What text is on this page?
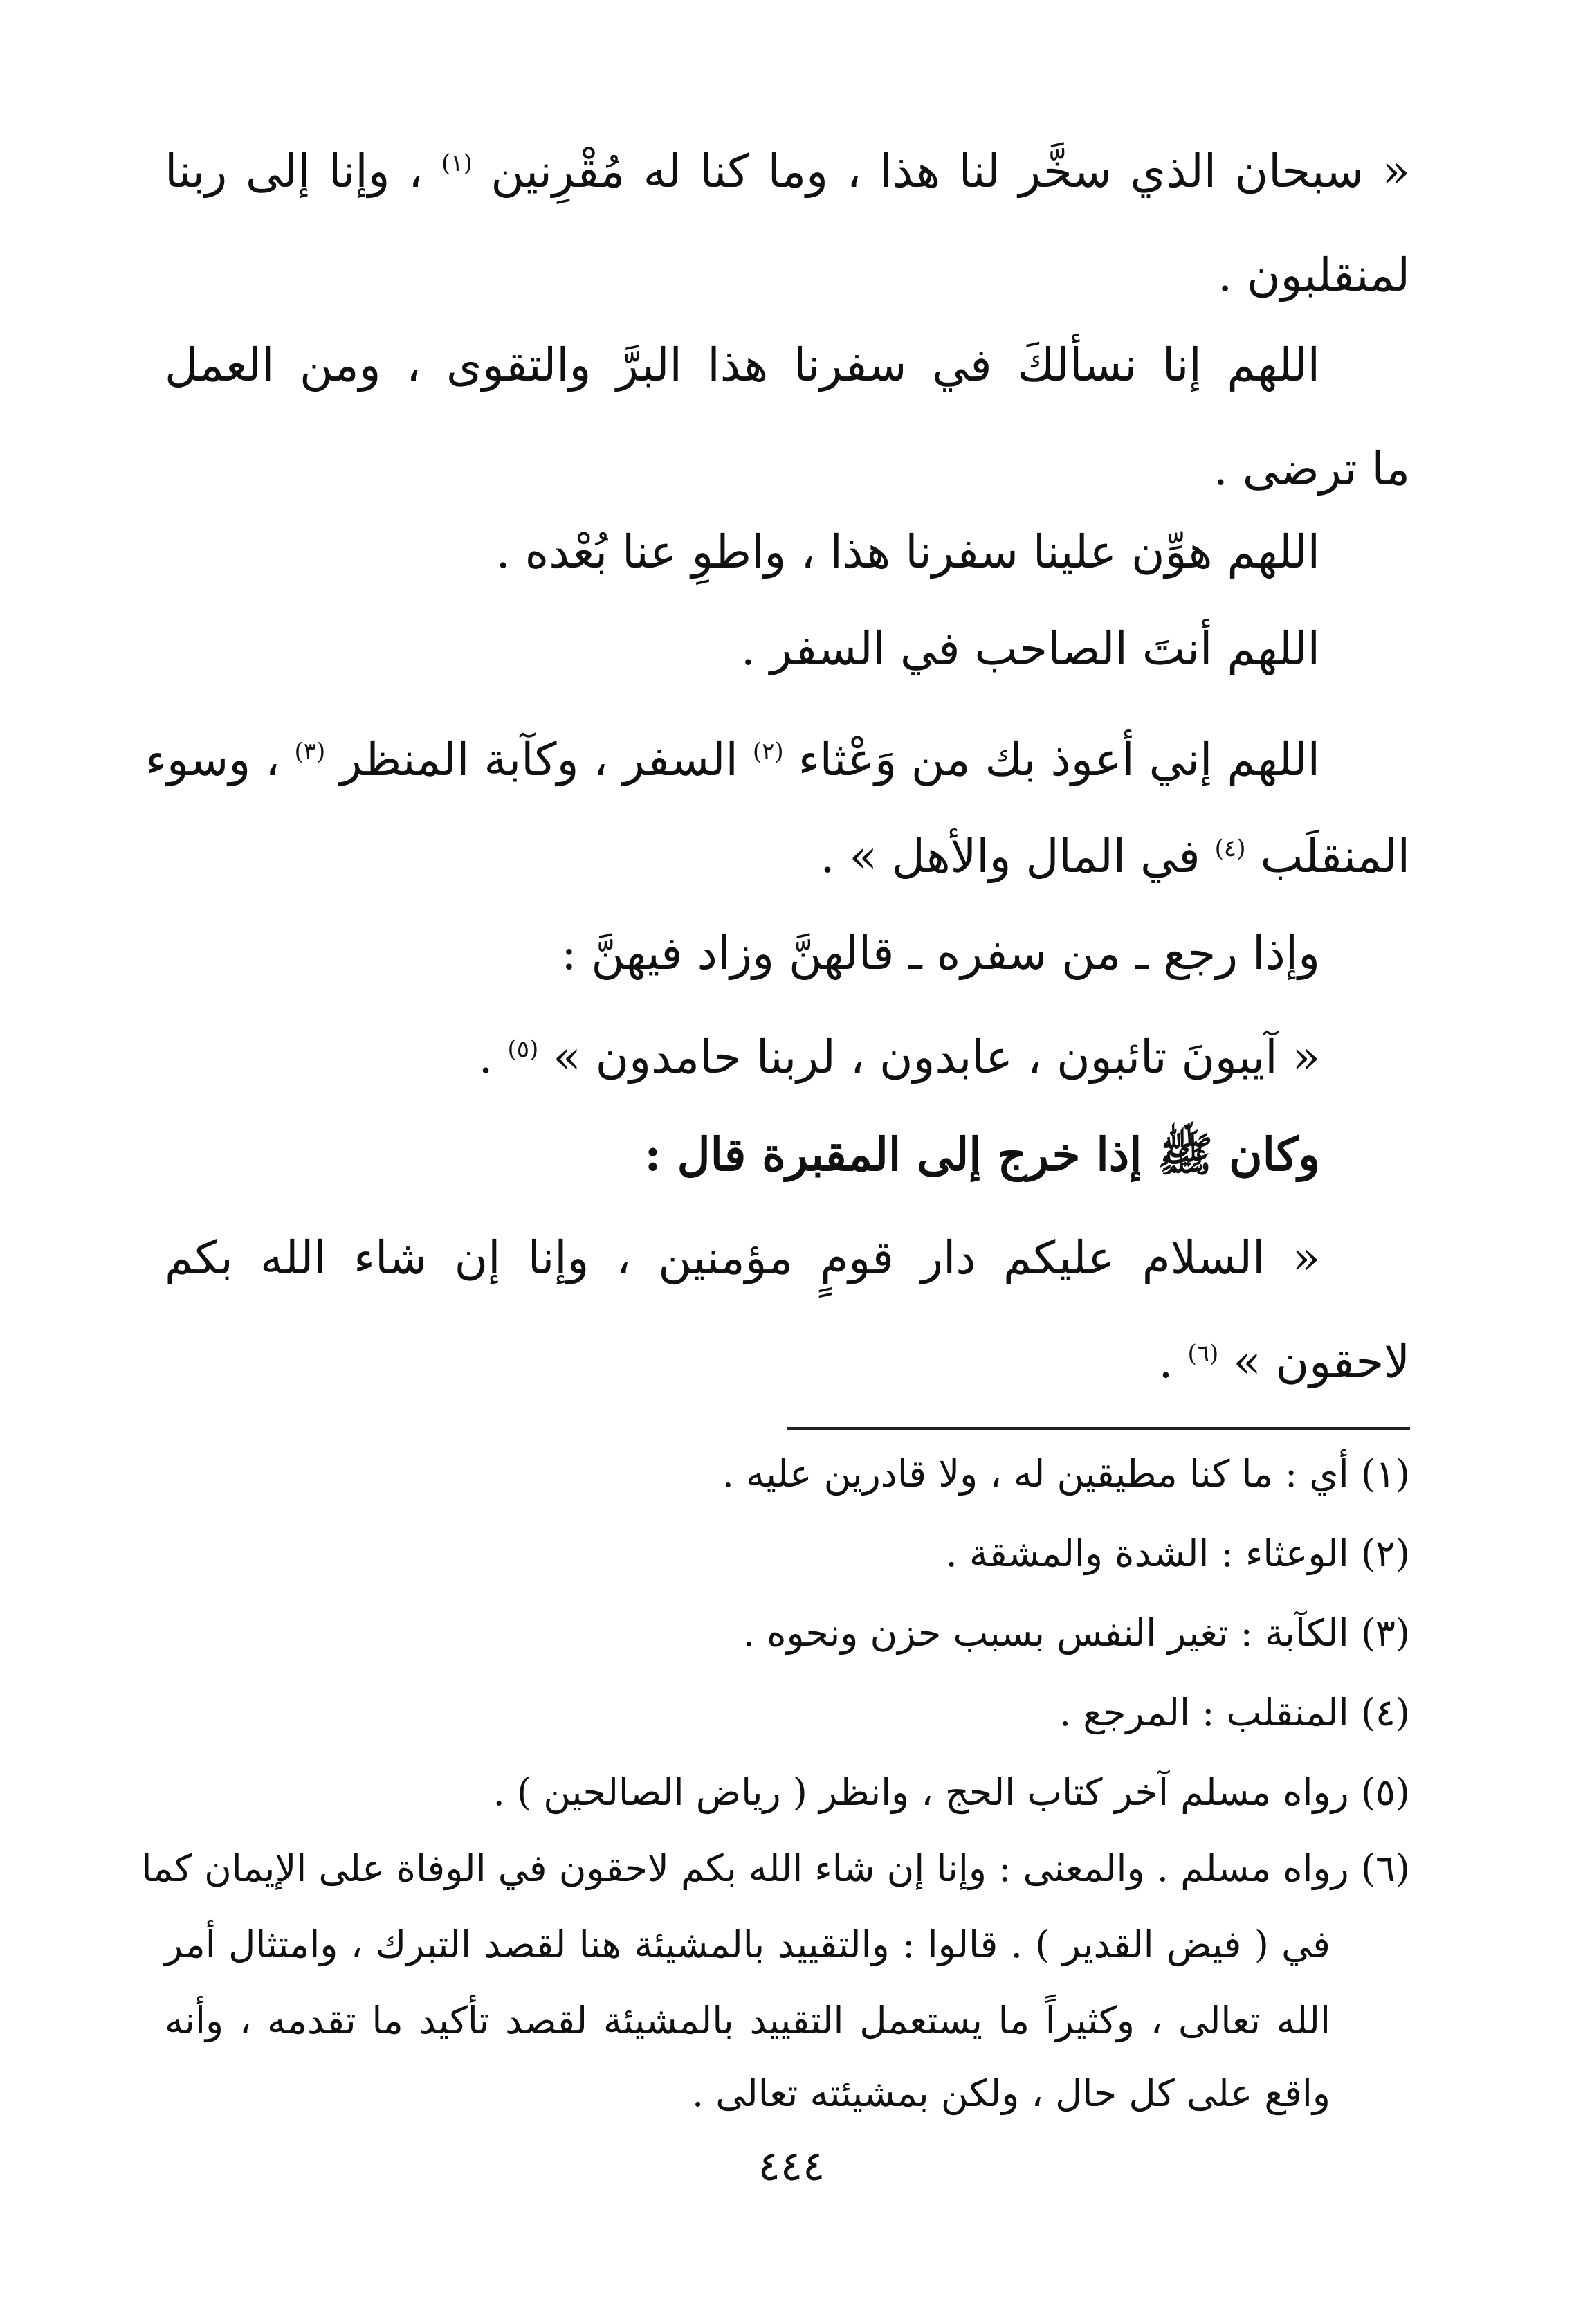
« سبحان الذي سخَّر لنا هذا ، وما كنا له مُقْرِنين $^{(١)}$ ، وإنا إلى ربنا
لمنقلبون .
اللهم إنا نسألكَ في سفرنا هذا البرَّ والتقوى ، ومن العمل
ما ترضى .
اللهم هوِّن علينا سفرنا هذا ، واطوِ عنا بُعْده .
اللهم أنتَ الصاحب في السفر .
اللهم إني أعوذ بك من وَعْثاء $^{(٢)}$ السفر ، وكآبة المنظر $^{(٣)}$ ، وسوء
المنقلَب $^{(٤)}$ في المال والأهل » .
وإذا رجع ـ من سفره ـ قالهنَّ وزاد فيهنَّ :
« آيبونَ تائبون ، عابدون ، لربنا حامدون » $^{(٥)}$ .
وكان ﷺ إذا خرج إلى المقبرة قال :
« السلام عليكم دار قومٍ مؤمنين ، وإنا إن شاء الله بكم
لاحقون » $^{(٦)}$ .
(١) أي : ما كنا مطيقين له ، ولا قادرين عليه .
(٢) الوعثاء : الشدة والمشقة .
(٣) الكآبة : تغير النفس بسبب حزن ونحوه .
(٤) المنقلب : المرجع .
(٥) رواه مسلم آخر كتاب الحج ، وانظر ( رياض الصالحين ) .
(٦) رواه مسلم . والمعنى : وإنا إن شاء الله بكم لاحقون في الوفاة على الإيمان كما
في ( فيض القدير ) . قالوا : والتقييد بالمشيئة هنا لقصد التبرك ، وامتثال أمر
الله تعالى ، وكثيراً ما يستعمل التقييد بالمشيئة لقصد تأكيد ما تقدمه ، وأنه
واقع على كل حال ، ولكن بمشيئته تعالى .
٤٤٤
